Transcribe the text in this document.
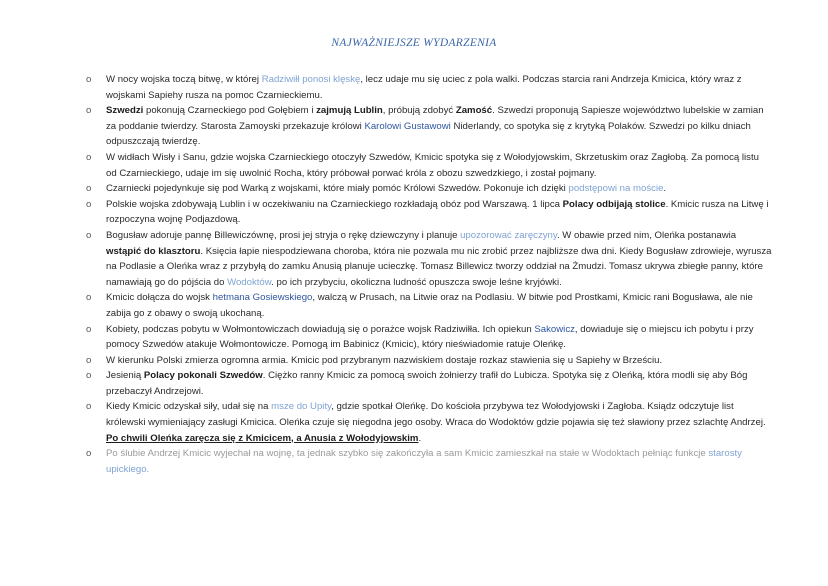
NAJWAŻNIEJSZE WYDARZENIA
o	W nocy wojska toczą bitwę, w której Radziwiłł ponosi klęskę, lecz udaje mu się uciec z pola walki. Podczas starcia rani Andrzeja Kmicica, który wraz z wojskami Sapiehy rusza na pomoc Czarnieckiemu.
o	Szwedzi pokonują Czarneckiego pod Gołębiem i zajmują Lublin, próbują zdobyć Zamość. Szwedzi proponują Sapiesze województwo lubelskie w zamian za poddanie twierdzy. Starosta Zamoyski przekazuje królowi Karolowi Gustawowi Niderlandy, co spotyka się z krytyką Polaków. Szwedzi po kilku dniach odpuszczają twierdzę.
o	W widłach Wisły i Sanu, gdzie wojska Czarnieckiego otoczyły Szwedów, Kmicic spotyka się z Wołodyjowskim, Skrzetuskim oraz Zagłobą. Za pomocą listu od Czarnieckiego, udaje im się uwolnić Rocha, który próbował porwać króla z obozu szwedzkiego, i został pojmany.
o	Czarniecki pojedynkuje się pod Warką z wojskami, które miały pomóc Królowi Szwedów. Pokonuje ich dzięki podstępowi na moście.
o	Polskie wojska zdobywają Lublin i w oczekiwaniu na Czarnieckiego rozkładają obóz pod Warszawą. 1 lipca Polacy odbijają stolice. Kmicic rusza na Litwę i rozpoczyna wojnę Podjazdową.
o	Bogusław adoruje pannę Billewiczównę, prosi jej stryja o rękę dziewczyny i planuje upozorować zaręczyny. W obawie przed nim, Oleńka postanawia wstąpić do klasztoru. Księcia łapie niespodziewana choroba, która nie pozwala mu nic zrobić przez najbliższe dwa dni. Kiedy Bogusław zdrowieje, wyrusza na Podlasie a Oleńka wraz z przybyłą do zamku Anusią planuje ucieczkę. Tomasz Billewicz tworzy oddział na Żmudzi. Tomasz ukrywa zbiegłe panny, które namawiają go do pójścia do Wodoktów. po ich przybyciu, okoliczna ludność opuszcza swoje leśne kryjówki.
o	Kmicic dołącza do wojsk hetmana Gosiewskiego, walczą w Prusach, na Litwie oraz na Podlasiu. W bitwie pod Prostkami, Kmicic rani Bogusława, ale nie zabija go z obawy o swoją ukochaną.
o	Kobiety, podczas pobytu w Wołmontowiczach dowiadują się o porażce wojsk Radziwiłła. Ich opiekun Sakowicz, dowiaduje się o miejscu ich pobytu i przy pomocy Szwedów atakuje Wołmontowicze. Pomogą im Babinicz (Kmicic), który nieświadomie ratuje Oleńkę.
o	W kierunku Polski zmierza ogromna armia. Kmicic pod przybranym nazwiskiem dostaje rozkaz stawienia się u Sapiehy w Brześciu.
o	Jesienią Polacy pokonali Szwedów. Ciężko ranny Kmicic za pomocą swoich żołnierzy trafił do Lubicza. Spotyka się z Oleńką, która modli się aby Bóg przebaczył Andrzejowi.
o	Kiedy Kmicic odzyskał siły, udał się na msze do Upity, gdzie spotkał Oleńkę. Do kościoła przybywa tez Wołodyjowski i Zagłoba. Ksiądz odczytuje list królewski wymieniający zasługi Kmicica. Oleńka czuje się niegodna jego osoby. Wraca do Wodoktów gdzie pojawia się też sławiony przez szlachtę Andrzej. Po chwili Oleńka zaręcza się z Kmicicem, a Anusia z Wołodyjowskim.
o	Po ślubie Andrzej Kmicic wyjechał na wojnę, ta jednak szybko się zakończyła a sam Kmicic zamieszkał na stałe w Wodoktach pełniąc funkcje starosty upickiego.
